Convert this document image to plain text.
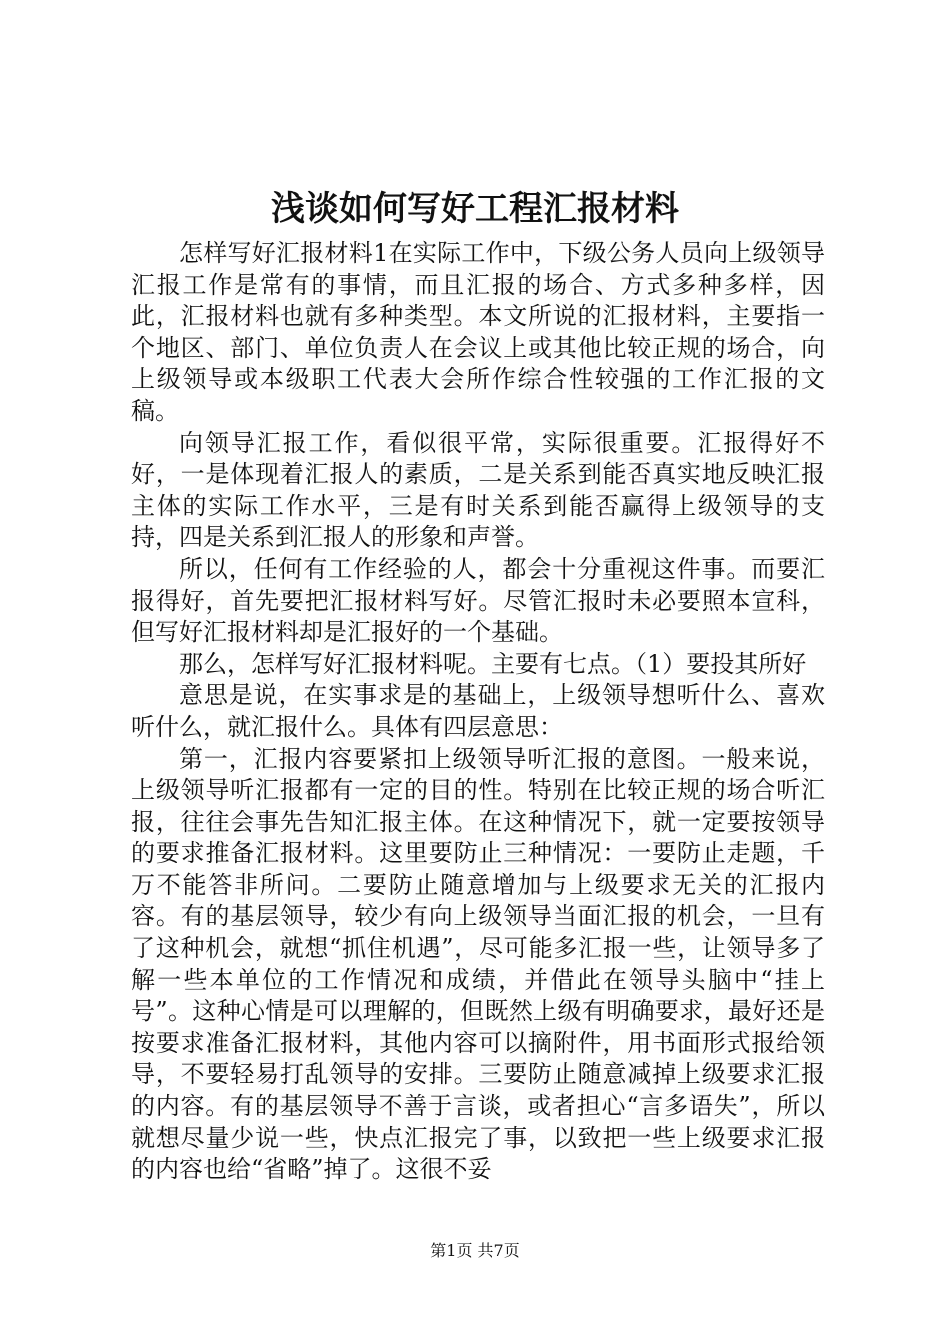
浅谈如何写好工程汇报材料

怎样写好汇报材料1在实际工作中，下级公务人员向上级领导汇报工作是常有的事情，而且汇报的场合、方式多种多样，因此，汇报材料也就有多种类型。本文所说的汇报材料，主要指一个地区、部门、单位负责人在会议上或其他比较正规的场合，向上级领导或本级职工代表大会所作综合性较强的工作汇报的文稿。

向领导汇报工作，看似很平常，实际很重要。汇报得好不好，一是体现着汇报人的素质，二是关系到能否真实地反映汇报主体的实际工作水平，三是有时关系到能否赢得上级领导的支持，四是关系到汇报人的形象和声誉。

所以，任何有工作经验的人，都会十分重视这件事。而要汇报得好，首先要把汇报材料写好。尽管汇报时未必要照本宣科，但写好汇报材料却是汇报好的一个基础。

那么，怎样写好汇报材料呢。主要有七点。（1）要投其所好

意思是说，在实事求是的基础上，上级领导想听什么、喜欢听什么，就汇报什么。具体有四层意思：

第一，汇报内容要紧扣上级领导听汇报的意图。一般来说，上级领导听汇报都有一定的目的性。特别在比较正规的场合听汇报，往往会事先告知汇报主体。在这种情况下，就一定要按领导的要求推备汇报材料。这里要防止三种情况：一要防止走题，千万不能答非所问。二要防止随意增加与上级要求无关的汇报内容。有的基层领导，较少有向上级领导当面汇报的机会，一旦有了这种机会，就想“抓住机遇”，尽可能多汇报一些，让领导多了解一些本单位的工作情况和成绩，并借此在领导头脑中“挂上号”。这种心情是可以理解的，但既然上级有明确要求，最好还是按要求准备汇报材料，其他内容可以摘附件，用书面形式报给领导，不要轻易打乱领导的安排。三要防止随意减掉上级要求汇报的内容。有的基层领导不善于言谈，或者担心“言多语失”，所以就想尽量少说一些，快点汇报完了事，以致把一些上级要求汇报的内容也给“省略”掉了。这很不妥

第1页 共7页
